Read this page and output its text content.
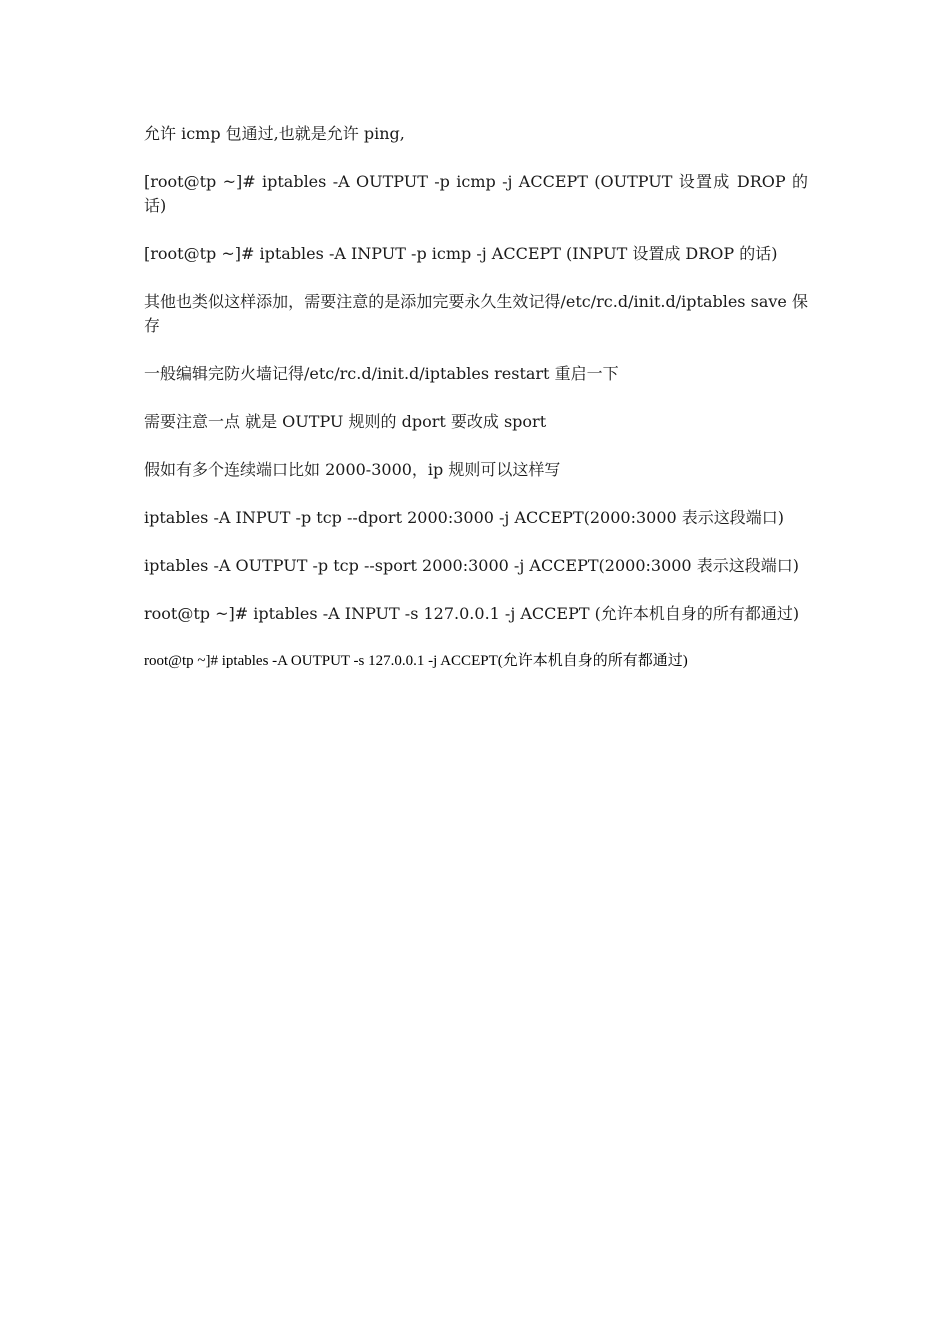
允许 icmp 包通过,也就是允许 ping,

[root@tp ~]# iptables -A OUTPUT -p icmp -j ACCEPT (OUTPUT 设置成 DROP 的话)

[root@tp ~]# iptables -A INPUT -p icmp -j ACCEPT (INPUT 设置成 DROP 的话)

其他也类似这样添加，需要注意的是添加完要永久生效记得/etc/rc.d/init.d/iptables save 保存

一般编辑完防火墙记得/etc/rc.d/init.d/iptables restart 重启一下

需要注意一点 就是 OUTPU 规则的 dport 要改成 sport

假如有多个连续端口比如 2000-3000，ip 规则可以这样写

iptables -A INPUT -p tcp --dport 2000:3000 -j ACCEPT(2000:3000 表示这段端口)

iptables -A OUTPUT -p tcp --sport 2000:3000 -j ACCEPT(2000:3000 表示这段端口)

root@tp ~]# iptables -A INPUT -s 127.0.0.1 -j ACCEPT (允许本机自身的所有都通过)

root@tp ~]# iptables -A OUTPUT -s 127.0.0.1 -j ACCEPT(允许本机自身的所有都通过)
